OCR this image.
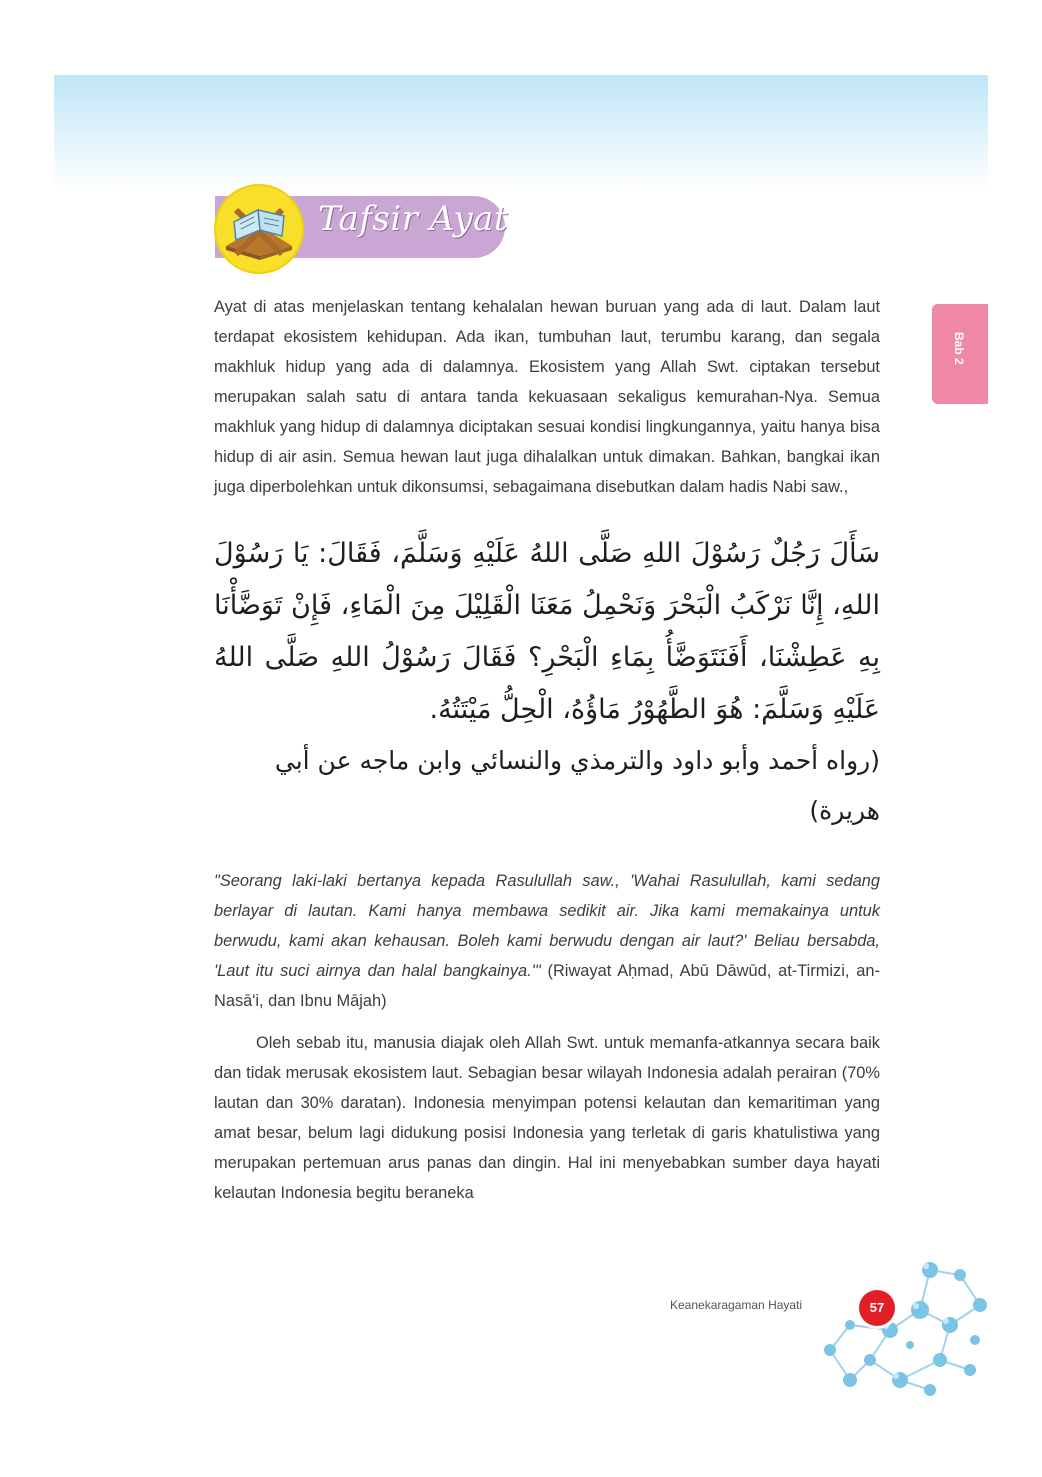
Tafsir Ayat
Bab 2

Ayat di atas menjelaskan tentang kehalalan hewan buruan yang ada di laut. Dalam laut terdapat ekosistem kehidupan. Ada ikan, tumbuhan laut, terumbu karang, dan segala makhluk hidup yang ada di dalamnya. Ekosistem yang Allah Swt. ciptakan tersebut merupakan salah satu di antara tanda kekuasaan sekaligus kemurahan-Nya. Semua makhluk yang hidup di dalamnya diciptakan sesuai kondisi lingkungannya, yaitu hanya bisa hidup di air asin. Semua hewan laut juga dihalalkan untuk dimakan. Bahkan, bangkai ikan juga diperbolehkan untuk dikonsumsi, sebagaimana disebutkan dalam hadis Nabi saw.,

سَأَلَ رَجُلٌ رَسُوْلَ اللهِ صَلَّى اللهُ عَلَيْهِ وَسَلَّمَ، فَقَالَ: يَا رَسُوْلَ اللهِ، إِنَّا نَرْكَبُ الْبَحْرَ وَنَحْمِلُ مَعَنَا الْقَلِيْلَ مِنَ الْمَاءِ، فَإِنْ تَوَضَّأْنَا بِهِ عَطِشْنَا، أَفَنَتَوَضَّأُ بِمَاءِ الْبَحْرِ؟ فَقَالَ رَسُوْلُ اللهِ صَلَّى اللهُ عَلَيْهِ وَسَلَّمَ: هُوَ الطَّهُوْرُ مَاؤُهُ، الْحِلُّ مَيْتَتُهُ.

(رواه أحمد وأبو داود والترمذي والنسائي وابن ماجه عن أبي هريرة)

"Seorang laki-laki bertanya kepada Rasulullah saw., 'Wahai Rasulullah, kami sedang berlayar di lautan. Kami hanya membawa sedikit air. Jika kami memakainya untuk berwudu, kami akan kehausan. Boleh kami berwudu dengan air laut?' Beliau bersabda, 'Laut itu suci airnya dan halal bangkainya.'" (Riwayat Aḥmad, Abū Dāwūd, at-Tirmizi, an-Nasā'i, dan Ibnu Mājah)

Oleh sebab itu, manusia diajak oleh Allah Swt. untuk memanfa-atkannya secara baik dan tidak merusak ekosistem laut. Sebagian besar wilayah Indonesia adalah perairan (70% lautan dan 30% daratan). Indonesia menyimpan potensi kelautan dan kemaritiman yang amat besar, belum lagi didukung posisi Indonesia yang terletak di garis khatulistiwa yang merupakan pertemuan arus panas dan dingin. Hal ini menyebabkan sumber daya hayati kelautan Indonesia begitu beraneka

Keanekaragaman Hayati	57
